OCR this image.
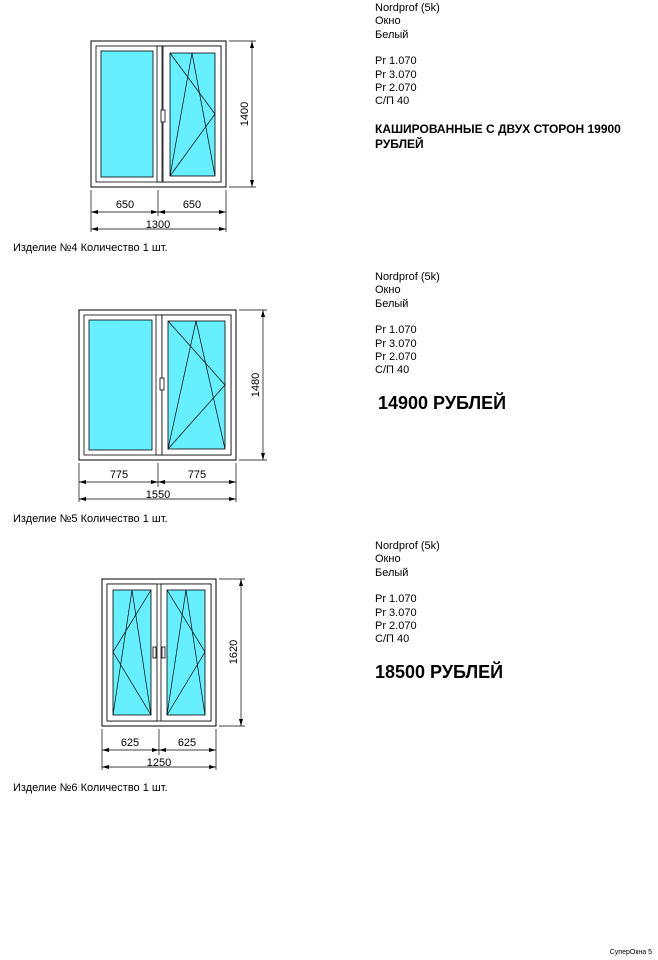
Nordprof (5k)
Окно
Белый
Pr 1.070
Pr 3.070
Pr 2.070
С/П 40
КАШИРОВАННЫЕ С ДВУХ СТОРОН 19900 РУБЛЕЙ
650	650
1300
1400
Изделие №4 Количество 1 шт.
Nordprof (5k)
Окно
Белый
Pr 1.070
Pr 3.070
Pr 2.070
С/П 40
14900 РУБЛЕЙ
775	775
1550
1480
Изделие №5 Количество 1 шт.
Nordprof (5k)
Окно
Белый
Pr 1.070
Pr 3.070
Pr 2.070
С/П 40
18500 РУБЛЕЙ
625	625
1250
1620
Изделие №6 Количество 1 шт.
СуперОкна 5
